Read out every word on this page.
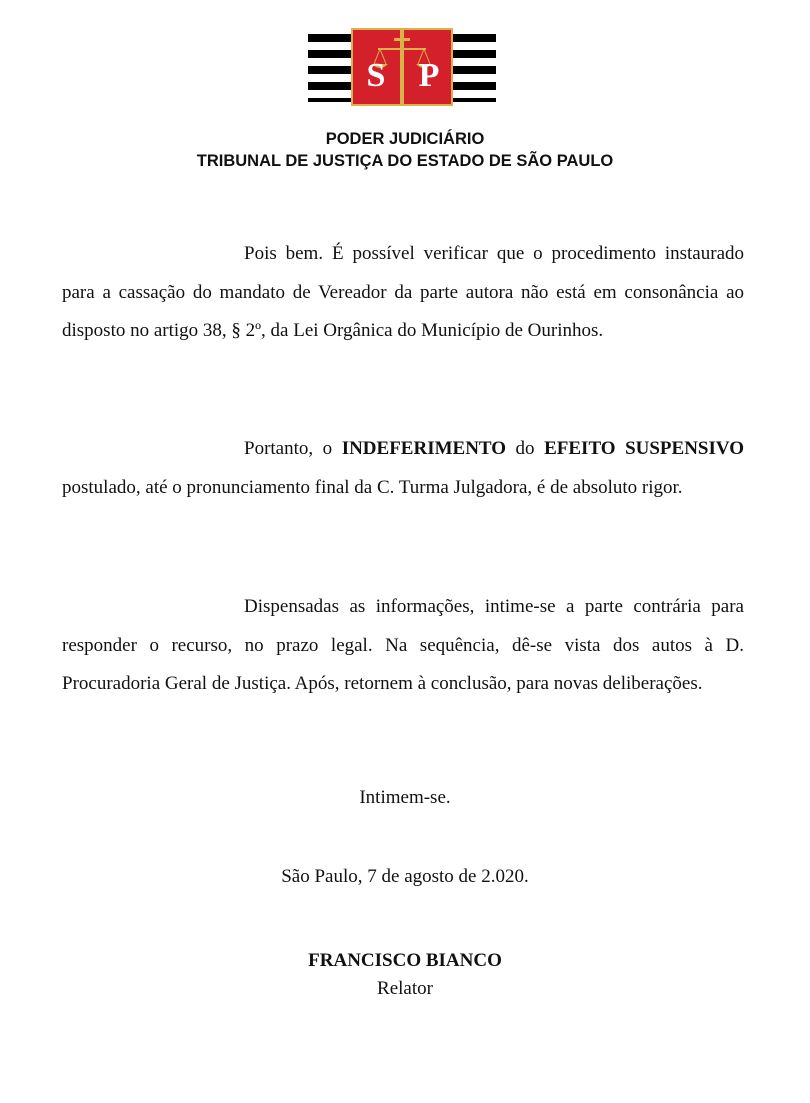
S P
PODER JUDICIÁRIO
TRIBUNAL DE JUSTIÇA DO ESTADO DE SÃO PAULO

Pois bem. É possível verificar que o procedimento instaurado para a cassação do mandato de Vereador da parte autora não está em consonância ao disposto no artigo 38, § 2º, da Lei Orgânica do Município de Ourinhos.

Portanto, o INDEFERIMENTO do EFEITO SUSPENSIVO postulado, até o pronunciamento final da C. Turma Julgadora, é de absoluto rigor.

Dispensadas as informações, intime-se a parte contrária para responder o recurso, no prazo legal. Na sequência, dê-se vista dos autos à D. Procuradoria Geral de Justiça. Após, retornem à conclusão, para novas deliberações.

Intimem-se.
São Paulo, 7 de agosto de 2.020.
FRANCISCO BIANCO
Relator
